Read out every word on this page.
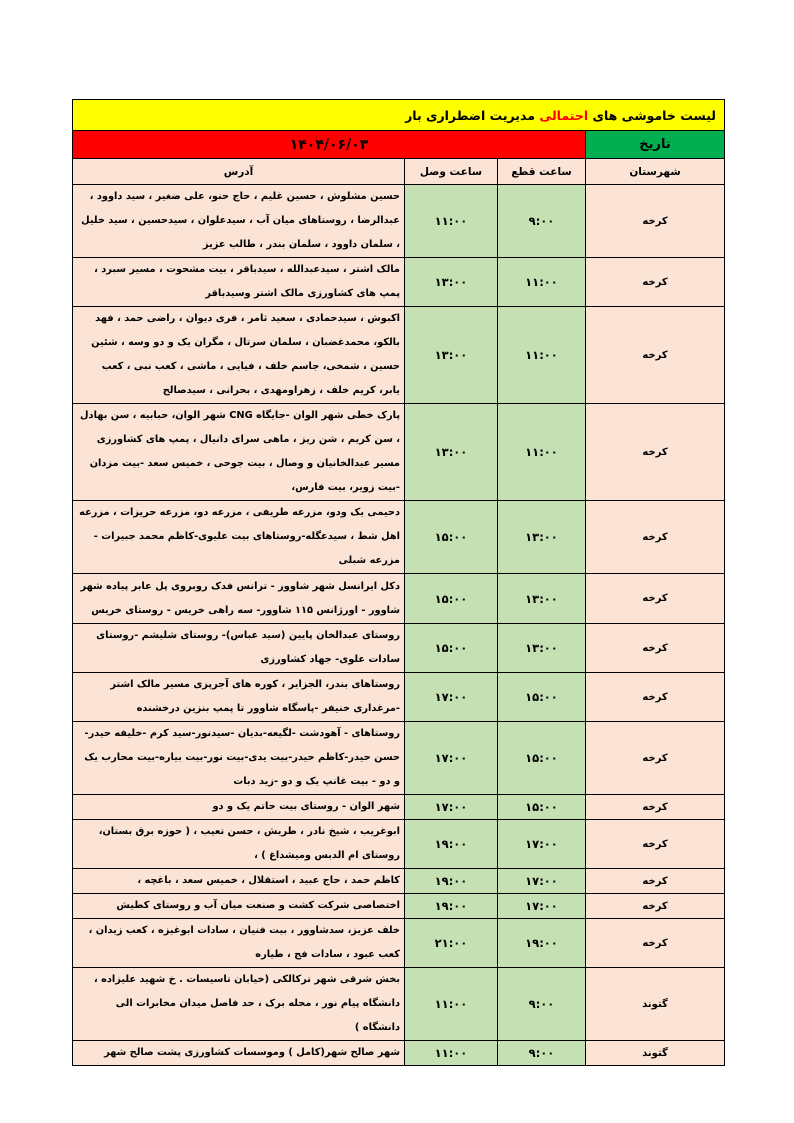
لیست خاموشی های احتمالی مدیریت اضطراری بار			
تاریخ	۱۴۰۴/۰۶/۰۳		
شهرستان	ساعت قطع	ساعت وصل	آدرس
کرخه	۹:۰۰	۱۱:۰۰	حسین مشلوش ، حسین غلیم ، حاج حنو، علی ضغیر ، سید داوود ، عبدالرضا ، روستاهای میان آب ، سیدعلوان ، سیدحسین ، سید خلیل ، سلمان داوود ، سلمان بندر ، طالب عزیز
کرخه	۱۱:۰۰	۱۳:۰۰	مالک اشتر ، سیدعبدالله ، سیدباقر ، بیت مشحوت ، مسیر سبرد ، پمپ های کشاورزی مالک اشتر وسیدباقر
کرخه	۱۱:۰۰	۱۳:۰۰	اکبوش ، سیدحمادی ، سعید ثامر ، فری دیوان ، راضی حمد ، فهد بالکو، محمدغضبان ، سلمان سرتال ، مگران یک و دو وسه ، شئین حسین ، شمخی، جاسم خلف ، فیایی ، ماشی ، کعب نبی ، کعب یابر، کریم خلف ، زهراومهدی ، بحرانی ، سیدصالح
کرخه	۱۱:۰۰	۱۳:۰۰	پارک خطی شهر الوان -جایگاه CNG شهر الوان، حبابیه ، سن بهادل ، سن کریم ، شن ریز ، ماهی سرای دانیال ، پمپ های کشاورزی مسیر عبدالخانیان و وصال ، بیت جوحی ، خمیس سعد -بیت مزدان -بیت زویر، بیت فارس،
کرخه	۱۳:۰۰	۱۵:۰۰	دحیمی یک ودو، مزرعه طریفی ، مزرعه دو، مزرعه حریزات ، مزرعه اهل شط ، سیدعگله-روستاهای بیت علیوی-کاظم محمد جبیرات - مزرعه شبلی
کرخه	۱۳:۰۰	۱۵:۰۰	دکل ایرانسل شهر شاوور - ترانس فدک روبروی پل عابر پیاده شهر شاوور - اورژانس ۱۱۵ شاوور- سه راهی خریس - روستای خریس
کرخه	۱۳:۰۰	۱۵:۰۰	روستای عبدالخان پایین (سید عباس)- روستای شلیشم -روستای سادات علوی- جهاد کشاورزی
کرخه	۱۵:۰۰	۱۷:۰۰	روستاهای بندر، الجزایر ، کوره های آجرپزی مسیر مالک اشتر -مرغداری خنیفر -پاسگاه شاوور تا پمپ بنزین درخشنده
کرخه	۱۵:۰۰	۱۷:۰۰	روستاهای - آهودشت -لگیعه-بدیان -سیدنور-سید کرم -خلیفه حیدر-حسن حیدر-کاظم حیدر-بیت یدی-بیت نور-بیت بیاره-بیت محارب یک و دو - بیت غانپ یک و دو -زید دبات
کرخه	۱۵:۰۰	۱۷:۰۰	شهر الوان - روستای بیت حاتم یک و دو
کرخه	۱۷:۰۰	۱۹:۰۰	ابوغریب ، شیخ نادر ، طریش ، حسن تعیب ، ( حوزه برق بستان، روستای ام الدبس ومیشداغ ) ،
کرخه	۱۷:۰۰	۱۹:۰۰	کاظم حمد ، حاج عبید ، استقلال ، خمیس سعد ، باغچه ،
کرخه	۱۷:۰۰	۱۹:۰۰	اختصاصی شرکت کشت و صنعت میان آب و روستای کطیش
کرخه	۱۹:۰۰	۲۱:۰۰	خلف عزیز، سدشاوور ، بیت فنیان ، سادات ابوغیزه ، کعب زیدان ، کعب عبود ، سادات فج ، طیاره
گتوند	۹:۰۰	۱۱:۰۰	بخش شرقی شهر ترکالکی (خیابان تاسیسات . خ شهید علیزاده ، دانشگاه پیام نور ، محله برک ، حد فاصل میدان مخابرات الی دانشگاه )
گتوند	۹:۰۰	۱۱:۰۰	شهر صالح شهر(کامل ) وموسسات کشاورزی پشت صالح شهر
